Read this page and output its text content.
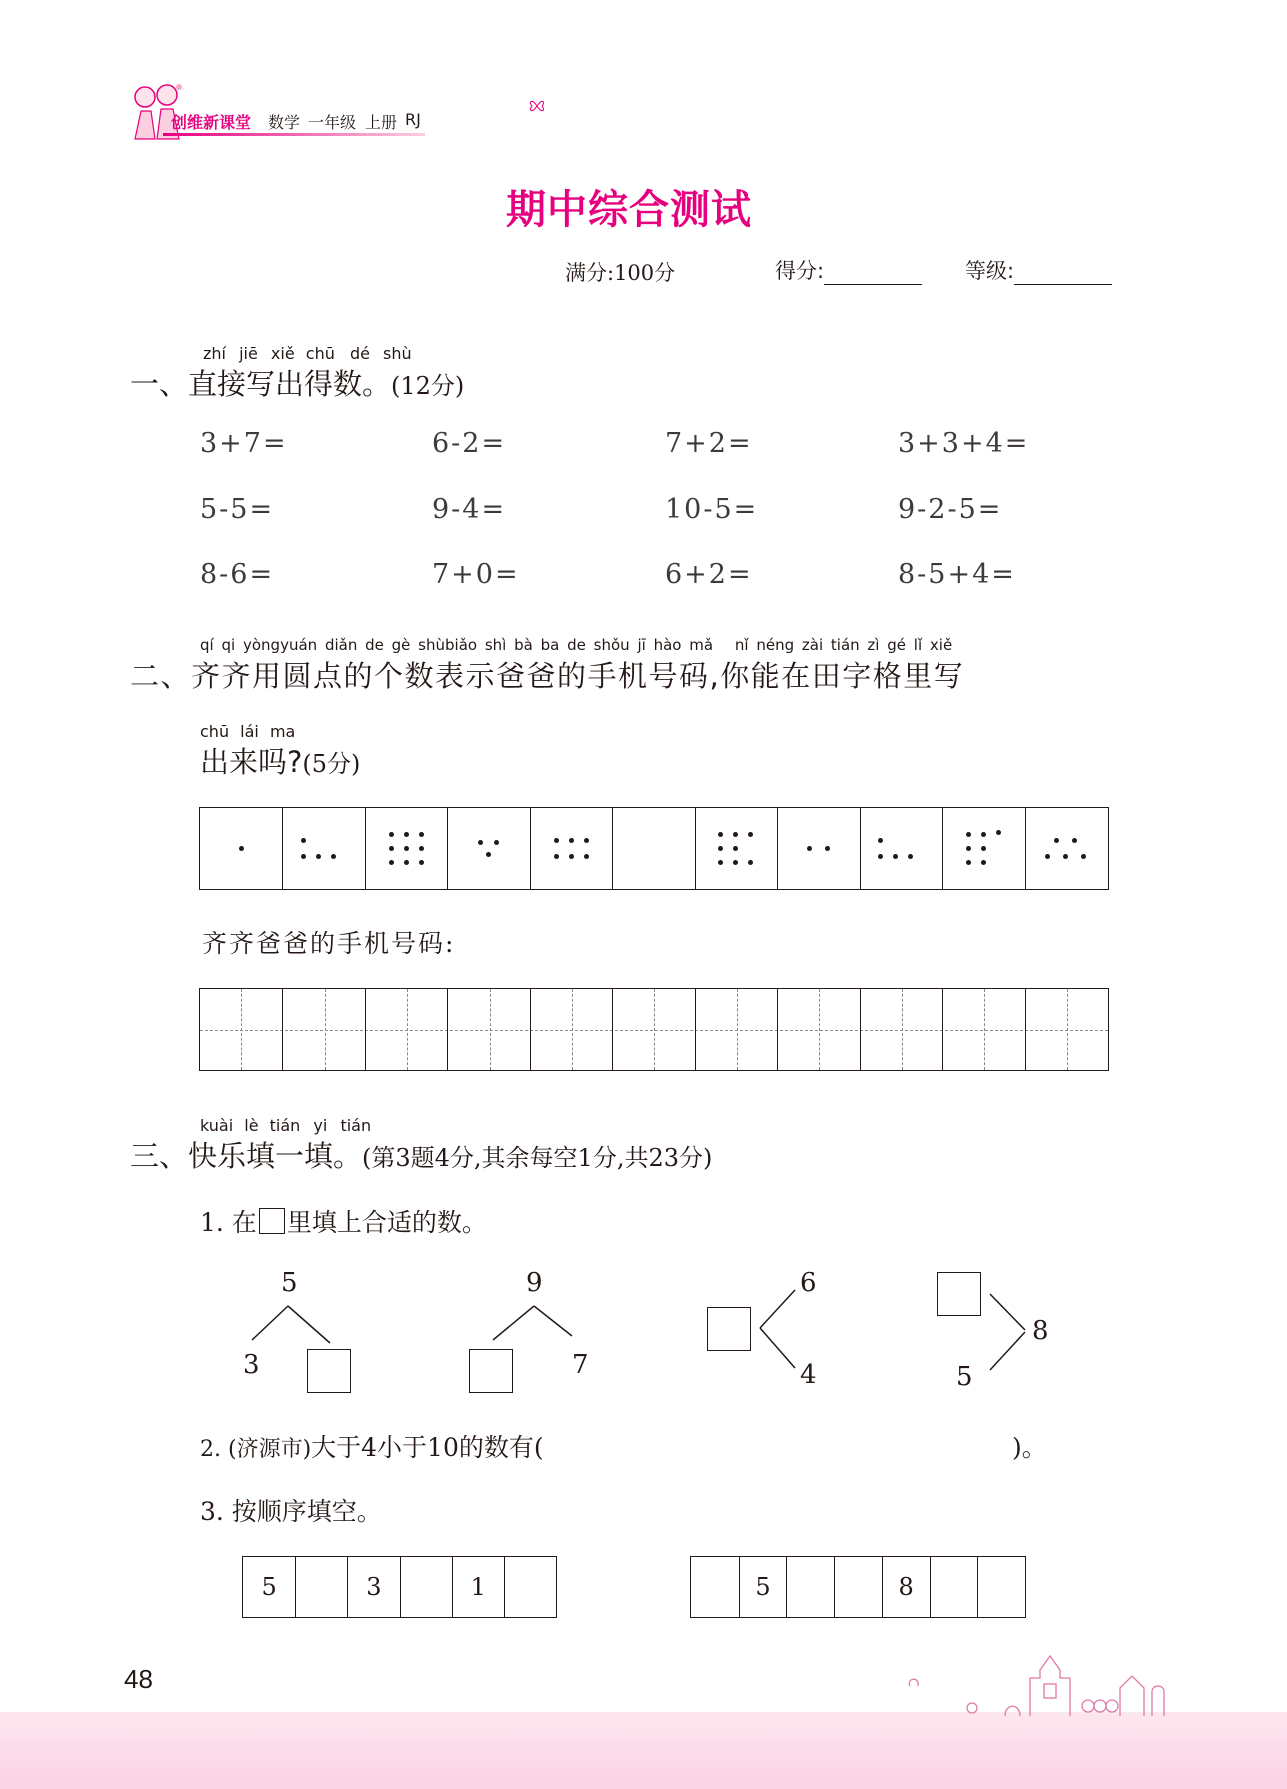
创维新课堂 数学 一年级 上册 RJ
期中综合测试
满分:100分	得分:	等级:
zhí jiē xiě chū dé shù
一、直接写出得数。(12分)
3+7=	6-2=	7+2=	3+3+4=
5-5=	9-4=	10-5=	9-2-5=
8-6=	7+0=	6+2=	8-5+4=
qí qi yòngyuán diǎn de gè shùbiǎo shì bà ba de shǒu jī hào mǎ nǐ néng zài tián zì gé lǐ xiě
二、齐齐用圆点的个数表示爸爸的手机号码,你能在田字格里写
chū lái ma
出来吗?(5分)
齐齐爸爸的手机号码:
kuài lè tián yi tián
三、快乐填一填。(第3题4分,其余每空1分,共23分)
1. 在 里填上合适的数。
5
3
9
7
6
4
8
5
2. (济源市)大于4小于10的数有(	)。
3. 按顺序填空。
5	3	1	5	8
48
